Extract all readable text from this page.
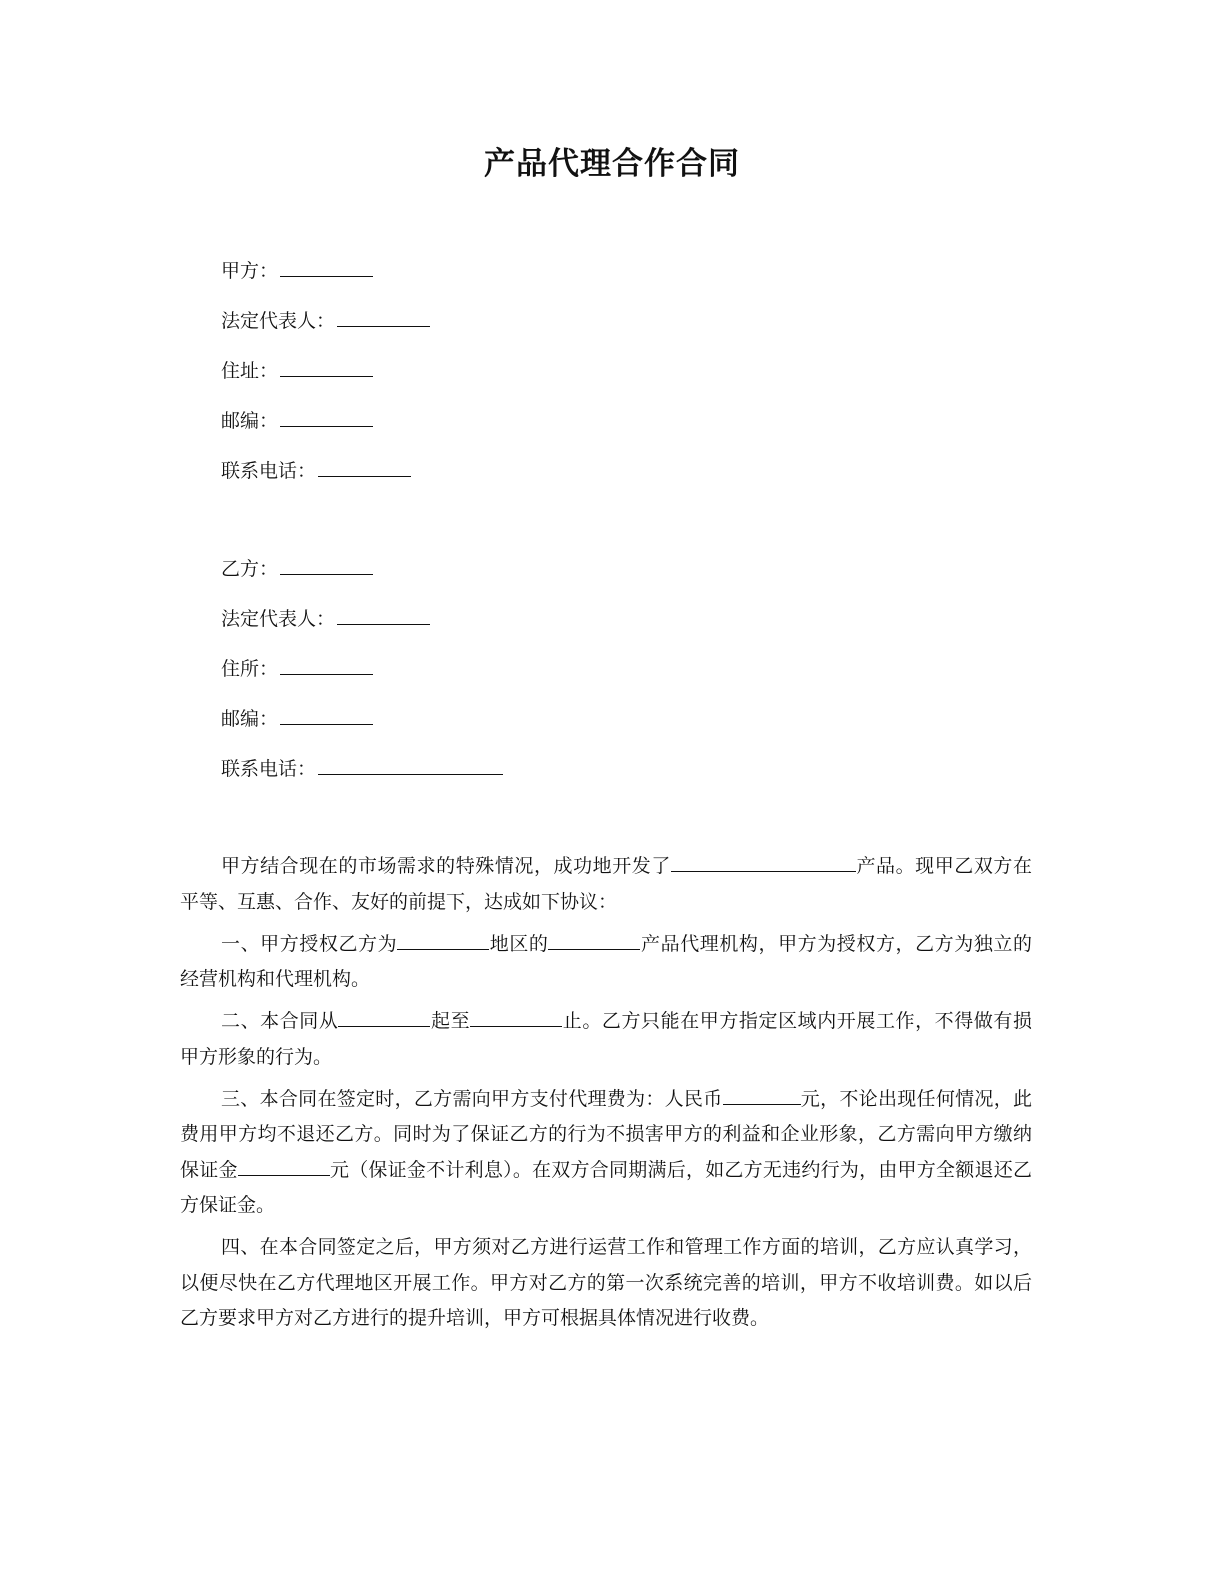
产品代理合作合同
甲方：
法定代表人：
住址：
邮编：
联系电话：
乙方：
法定代表人：
住所：
邮编：
联系电话：

甲方结合现在的市场需求的特殊情况，成功地开发了	产品。现甲乙双方在平等、互惠、合作、友好的前提下，达成如下协议：

一、甲方授权乙方为	地区的	产品代理机构，甲方为授权方，乙方为独立的经营机构和代理机构。

二、本合同从	起至	止。乙方只能在甲方指定区域内开展工作，不得做有损甲方形象的行为。

三、本合同在签定时，乙方需向甲方支付代理费为：人民币	元，不论出现任何情况，此费用甲方均不退还乙方。同时为了保证乙方的行为不损害甲方的利益和企业形象，乙方需向甲方缴纳保证金	元（保证金不计利息）。在双方合同期满后，如乙方无违约行为，由甲方全额退还乙方保证金。

四、在本合同签定之后，甲方须对乙方进行运营工作和管理工作方面的培训，乙方应认真学习，以便尽快在乙方代理地区开展工作。甲方对乙方的第一次系统完善的培训，甲方不收培训费。如以后乙方要求甲方对乙方进行的提升培训，甲方可根据具体情况进行收费。
